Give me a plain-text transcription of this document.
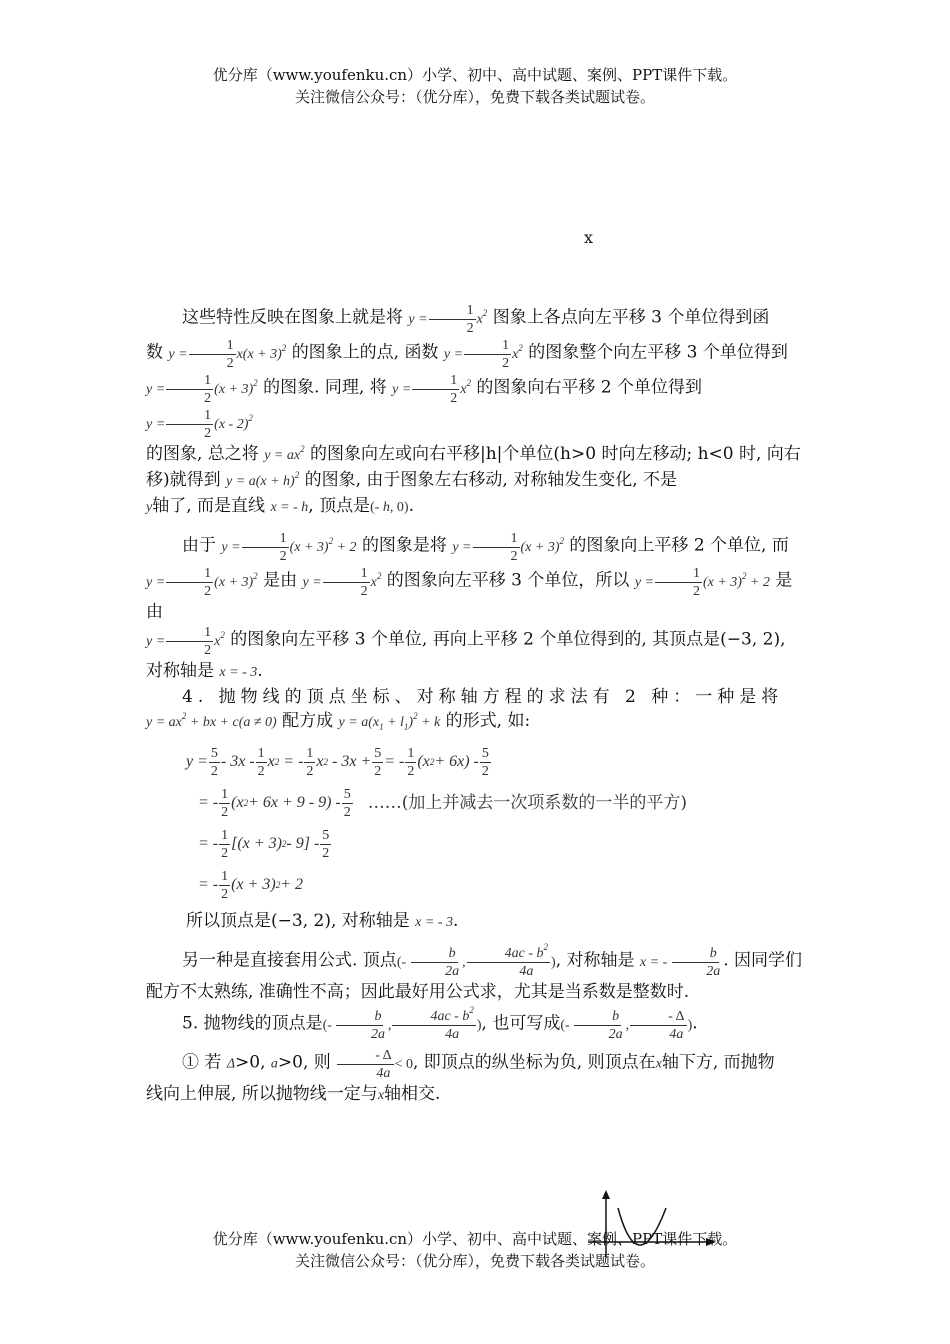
优分库（www.youfenku.cn）小学、初中、高中试题、案例、PPT课件下载。
关注微信公众号：（优分库），免费下载各类试题试卷。
x

这些特性反映在图象上就是将 $y = \frac{1}{2} x^2$ 图象上各点向左平移 3 个单位得到函
数 $y = \frac{1}{2} x(x + 3)^2$ 的图象上的点, 函数 $y = \frac{1}{2} x^2$ 的图象整个向左平移 3 个单位得到
$y = \frac{1}{2} (x + 3)^2$ 的图象. 同理, 将 $y = \frac{1}{2} x^2$ 的图象向右平移 2 个单位得到 $y = \frac{1}{2} (x - 2)^2$
的图象, 总之将 $y = ax^2$ 的图象向左或向右平移|h|个单位(h>0 时向左移动; h<0 时, 向右移)就得到 $y = a(x + h)^2$ 的图象, 由于图象左右移动, 对称轴发生变化, 不是
y轴了, 而是直线 x = - h, 顶点是(- h, 0).

由于 $y = \frac{1}{2} (x + 3)^2 + 2$ 的图象是将 $y = \frac{1}{2} (x + 3)^2$ 的图象向上平移 2 个单位, 而
$y = \frac{1}{2} (x + 3)^2$ 是由 $y = \frac{1}{2} x^2$ 的图象向左平移 3 个单位，所以 $y = \frac{1}{2} (x + 3)^2 + 2$ 是由
$y = \frac{1}{2} x^2$ 的图象向左平移 3 个单位, 再向上平移 2 个单位得到的, 其顶点是(−3, 2),
对称轴是 x = - 3.

4. 抛物线的顶点坐标、对称轴方程的求法有 2 种：一种是将
$y = ax^2$ + bx + c(a ≠ 0) 配方成 $y = a(x_1 + l_1)^2 + k$ 的形式, 如:

$y = \frac{5}{2} - 3x - \frac{1}{2}$ x 2 = - $\frac{1}{2}$ x $2 - 3x + \frac{5}{2}$ = - $\frac{1}{2} (x$ $2 + 6x) - \frac{5}{2}$
= - $\frac{1}{2} (x$ $2 + 6x + 9 - 9) - \frac{5}{2}$ ……(加上并减去一次项系数的一半的平方)
= - $\frac{1}{2} [(x + 3)$ $2 - 9] - \frac{5}{2}$
= - $\frac{1}{2} (x + 3) 2 + 2$

所以顶点是(−3, 2), 对称轴是 x = - 3.

另一种是直接套用公式. 顶点(- $\frac{b}{2a}$ , $\frac{4ac - b^2}{4a}$ ), 对称轴是 x = - $\frac{b}{2a}$ . 因同学们
配方不太熟练, 准确性不高；因此最好用公式求，尤其是当系数是整数时.

5. 抛物线的顶点是(- $\frac{b}{2a}$ , $\frac{4ac - b^2}{4a}$ ), 也可写成(- $\frac{b}{2a}$ , $\frac{- \Delta}{4a}$ ).

① 若 Δ>0, a>0, 则 $\frac{- \Delta}{4a} < 0$, 即顶点的纵坐标为负, 则顶点在x轴下方, 而抛物
线向上伸展, 所以抛物线一定与x轴相交.

优分库（www.youfenku.cn）小学、初中、高中试题、案例、PPT课件下载。
关注微信公众号：（优分库），免费下载各类试题试卷。
